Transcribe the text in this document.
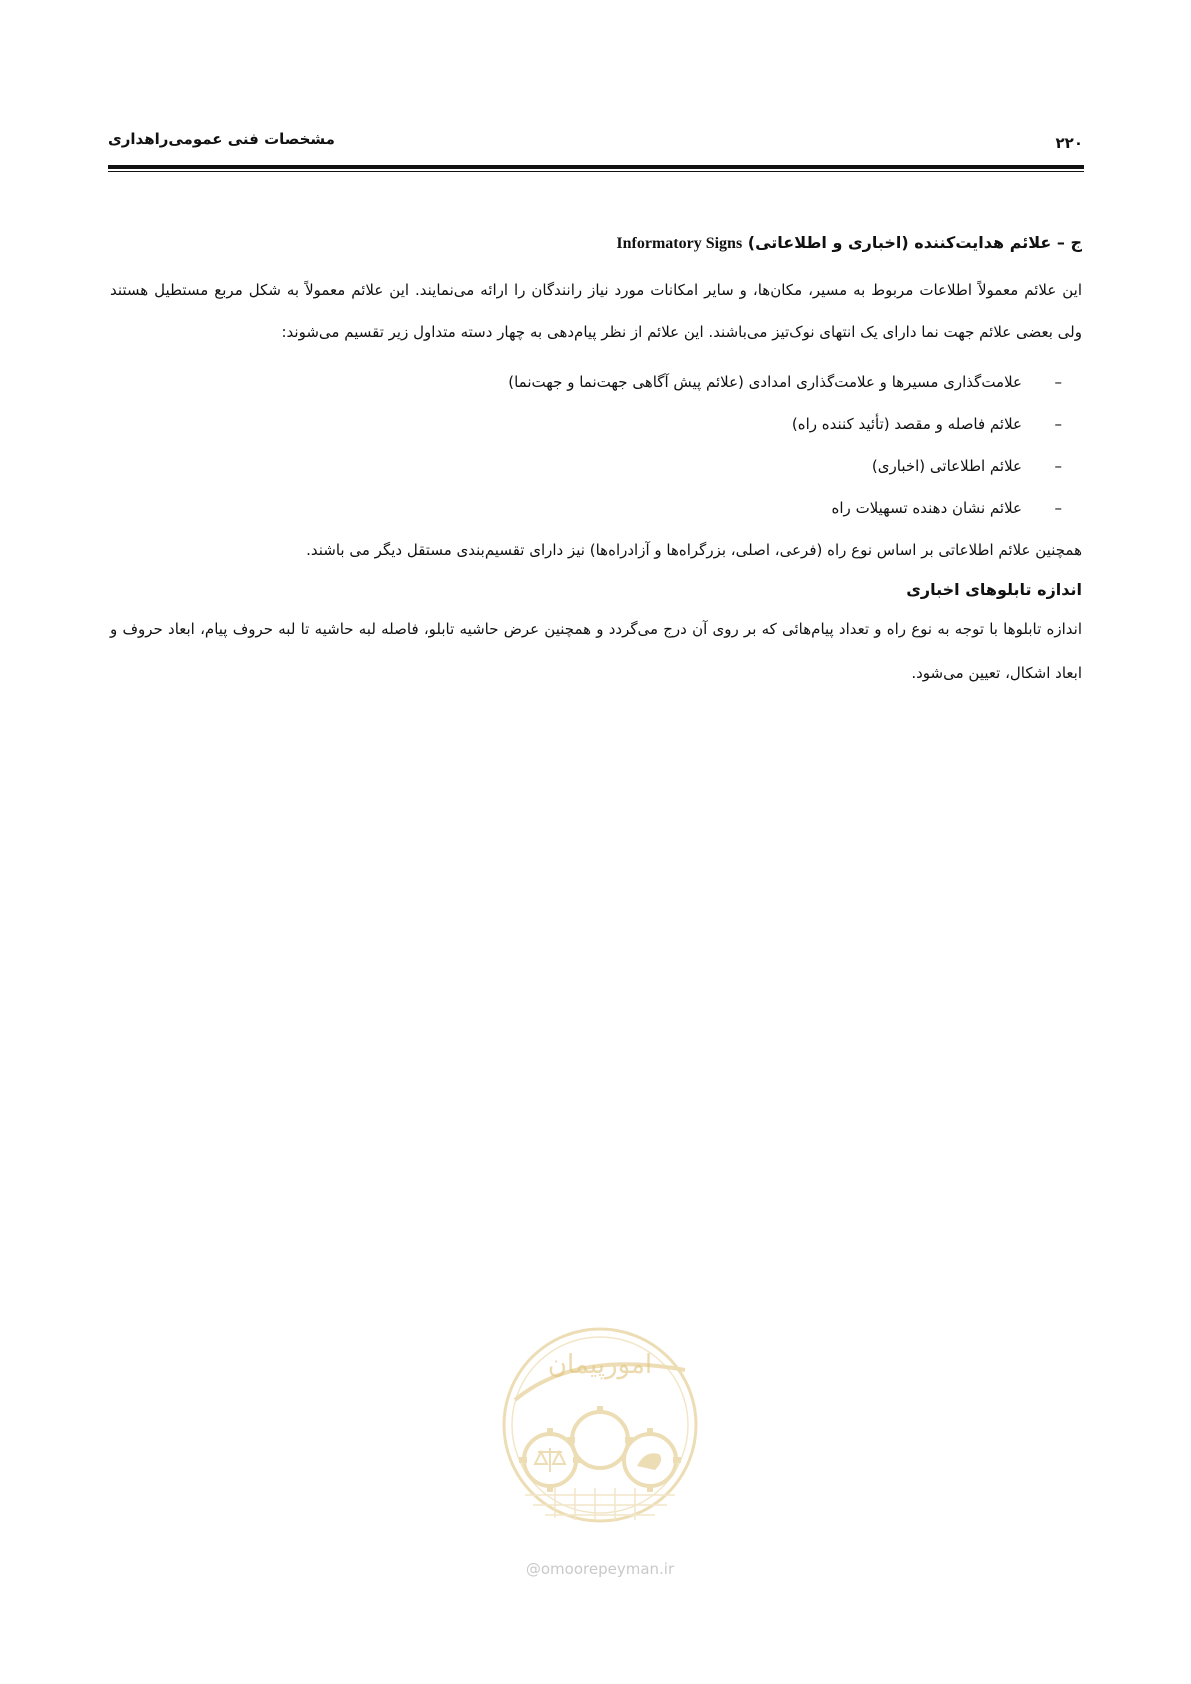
مشخصات فنی عمومی‌راهداری	۲۲۰
ج – علائم هدایت‌کننده (اخباری و اطلاعاتی) Informatory Signs

این علائم معمولاً اطلاعات مربوط به مسیر، مکان‌ها، و سایر امکانات مورد نیاز رانندگان را ارائه می‌نمایند. این علائم معمولاً به شکل مربع مستطیل هستند ولی بعضی علائم جهت نما دارای یک انتهای نوک‌تیز می‌باشند. این علائم از نظر پیام‌دهی به چهار دسته متداول زیر تقسیم می‌شوند:

–
علامت‌گذاری مسیرها و علامت‌گذاری امدادی (علائم پیش آگاهی جهت‌نما و جهت‌نما)
–
علائم فاصله و مقصد (تأئید کننده راه)
–
علائم اطلاعاتی (اخباری)
–
علائم نشان دهنده تسهیلات راه

همچنین علائم اطلاعاتی بر اساس نوع راه (فرعی، اصلی، بزرگراه‌ها و آزادراه‌ها) نیز دارای تقسیم‌بندی مستقل دیگر می باشند.

اندازه تابلوهای اخباری

اندازه تابلوها با توجه به نوع راه و تعداد پیام‌هائی که بر روی آن درج می‌گردد و همچنین عرض حاشیه تابلو، فاصله لبه حاشیه تا لبه حروف پیام، ابعاد حروف و ابعاد اشکال، تعیین می‌شود.

امورپیمان
@omoorepeyman.ir
